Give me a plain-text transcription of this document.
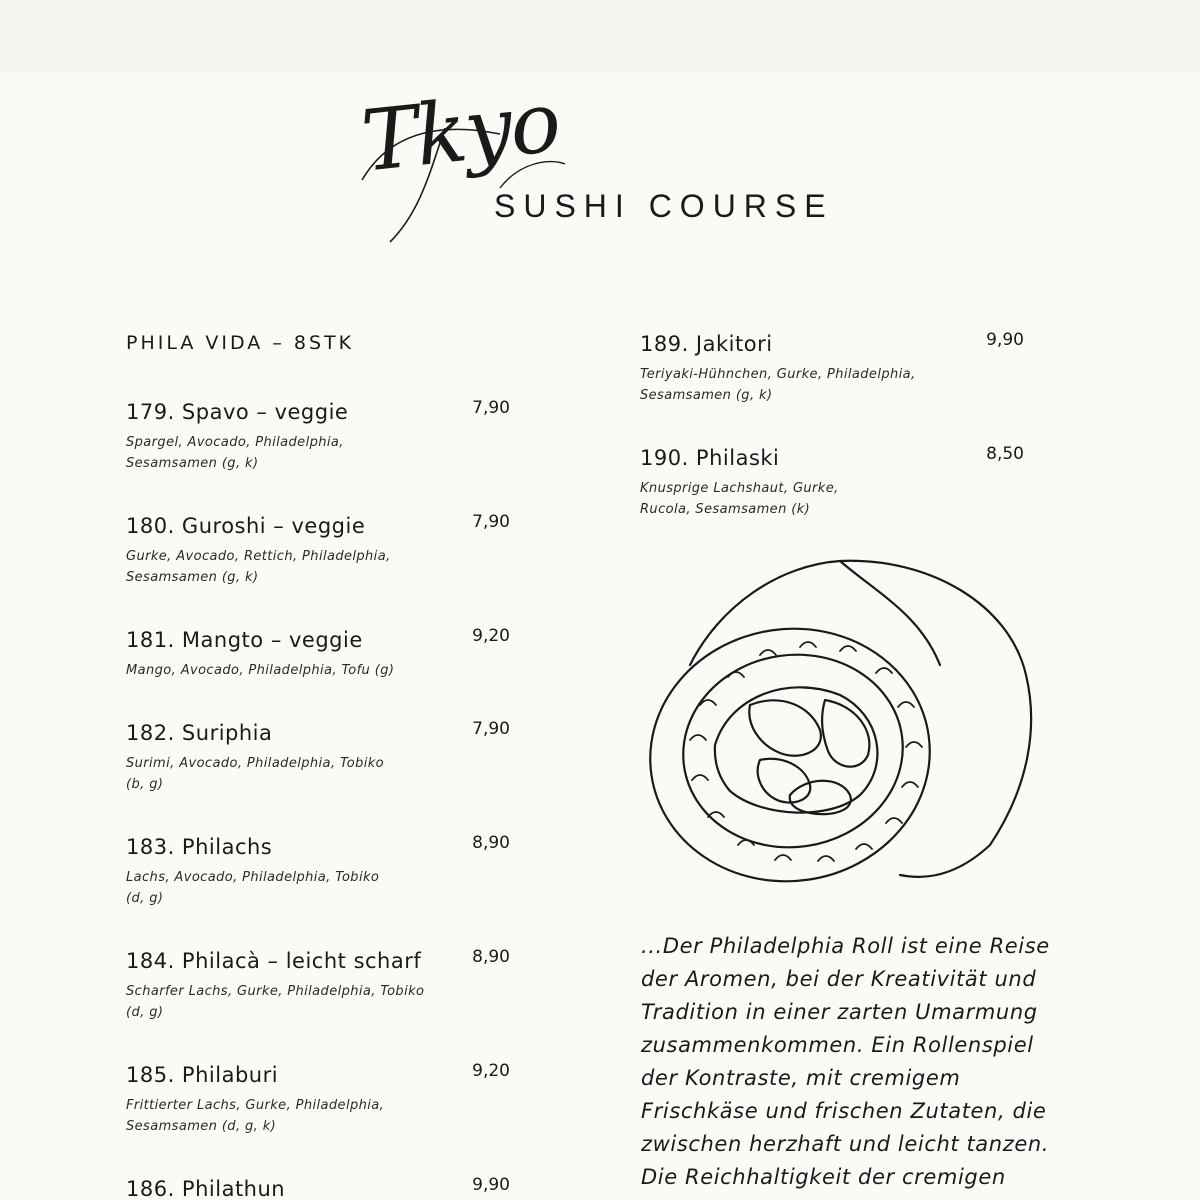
Tkyo
SUSHI COURSE
PHILA VIDA – 8STK
179. Spavo – veggie	7,90
Spargel, Avocado, Philadelphia, Sesamsamen (g, k)
180. Guroshi – veggie	7,90
Gurke, Avocado, Rettich, Philadelphia, Sesamsamen (g, k)
181. Mangto – veggie	9,20
Mango, Avocado, Philadelphia, Tofu (g)
182. Suriphia	7,90
Surimi, Avocado, Philadelphia, Tobiko (b, g)
183. Philachs	8,90
Lachs, Avocado, Philadelphia, Tobiko (d, g)
184. Philacà – leicht scharf	8,90
Scharfer Lachs, Gurke, Philadelphia, Tobiko (d, g)
185. Philaburi	9,20
Frittierter Lachs, Gurke, Philadelphia, Sesamsamen (d, g, k)
186. Philathun	9,90
189. Jakitori	9,90
Teriyaki-Hühnchen, Gurke, Philadelphia, Sesamsamen (g, k)
190. Philaski	8,50
Knusprige Lachshaut, Gurke, Rucola, Sesamsamen (k)
...Der Philadelphia Roll ist eine Reise der Aromen, bei der Kreativität und Tradition in einer zarten Umarmung zusammenkommen. Ein Rollenspiel der Kontraste, mit cremigem Frischkäse und frischen Zutaten, die zwischen herzhaft und leicht tanzen. Die Reichhaltigkeit der cremigen
